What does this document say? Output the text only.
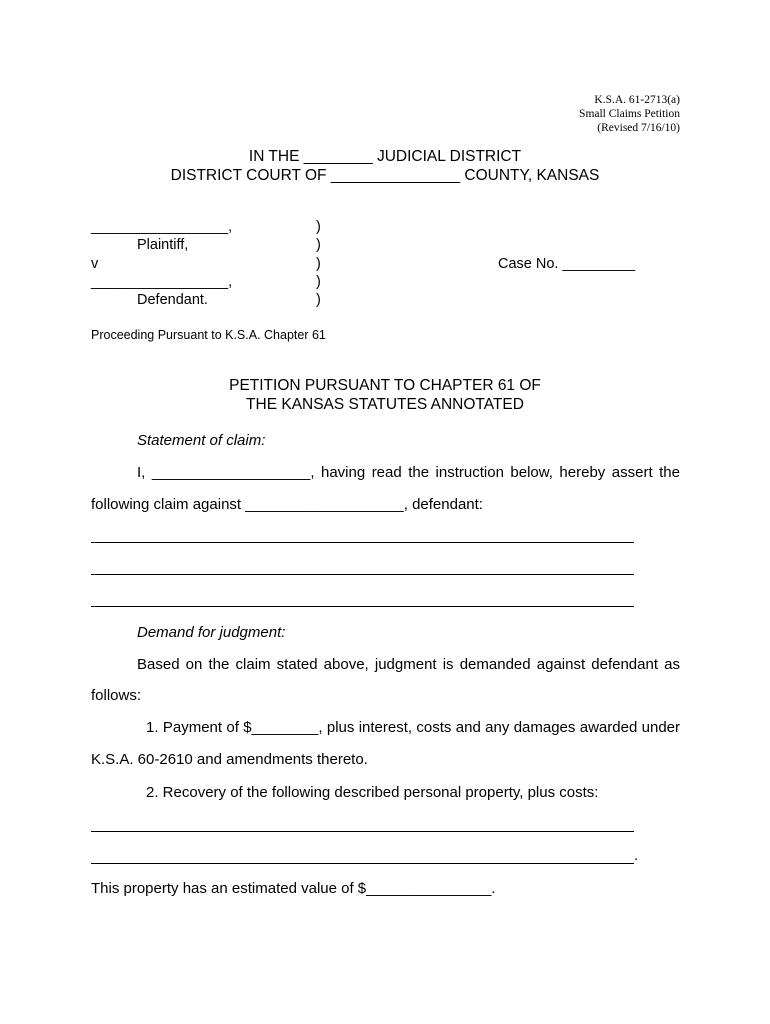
K.S.A. 61-2713(a)
Small Claims Petition
(Revised 7/16/10)
IN THE ________ JUDICIAL DISTRICT
DISTRICT COURT OF _______________ COUNTY, KANSAS
_________________,
Plaintiff,
v
_________________,
Defendant.
)
)
)
)
)
Case No. _________
Proceeding Pursuant to K.S.A. Chapter 61
PETITION PURSUANT TO CHAPTER 61 OF
THE KANSAS STATUTES ANNOTATED
Statement of claim:
I, ___________________, having read the instruction below, hereby assert the
following claim against ___________________, defendant:
Demand for judgment:
Based on the claim stated above, judgment is demanded against defendant as
follows:
1. Payment of $________, plus interest, costs and any damages awarded under
K.S.A. 60-2610 and amendments thereto.
2. Recovery of the following described personal property, plus costs:
.
This property has an estimated value of $_______________.
